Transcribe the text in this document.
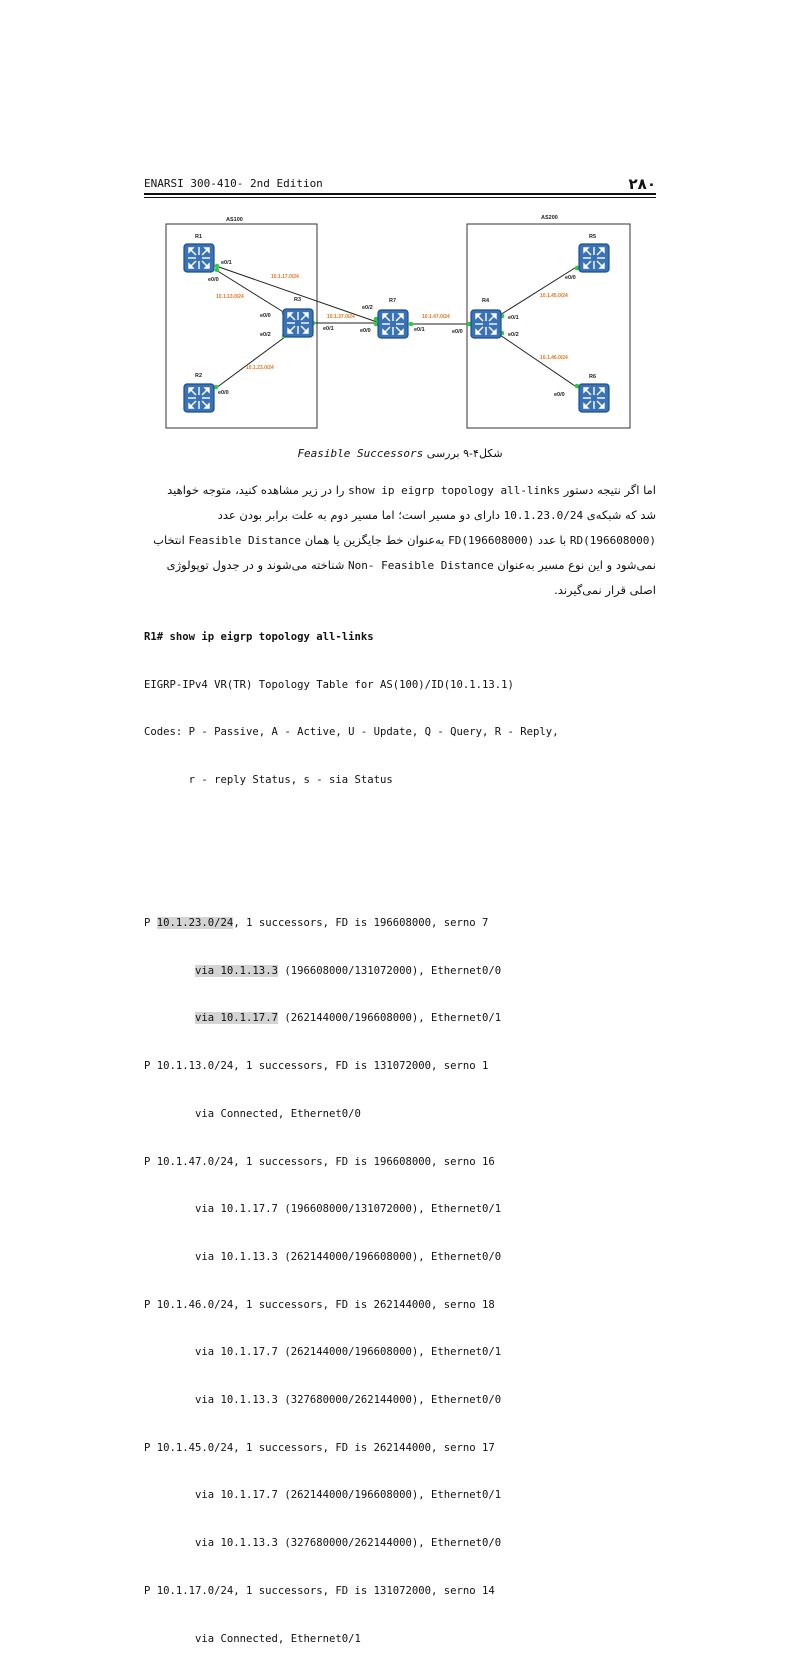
ENARSI 300-410- 2nd Edition	۲۸۰
AS100	AS200
R1
R2
R3	R7	R4
R5
R6
e0/1
e0/0
e0/0
e0/0
e0/2
e0/1
e0/2
e0/0	e0/1	e0/0
e0/1
e0/2
e0/0
e0/0
10.1.17.0/24
10.1.13.0/24
10.1.37.0/24
10.1.23.0/24
10.1.47.0/24
10.1.45.0/24
10.1.46.0/24
شکل۴-۹ بررسی Feasible Successors
اما اگر نتیجه دستور show ip eigrp topology all-links را در زیر مشاهده کنید، متوجه خواهید
شد که شبکه‌ی 10.1.23.0/24 دارای دو مسیر است؛ اما مسیر دوم به علت برابر بودن عدد
RD(196608000) با عدد FD(196608000) به‌عنوان خط جایگزین یا همان Feasible Distance انتخاب
نمی‌شود و این نوع مسیر به‌عنوان Non- Feasible Distance شناخته می‌شوند و در جدول توپولوژی
اصلی قرار نمی‌گیرند.

R1# show ip eigrp topology all-links

EIGRP-IPv4 VR(TR) Topology Table for AS(100)/ID(10.1.13.1)

Codes: P - Passive, A - Active, U - Update, Q - Query, R - Reply,

r - reply Status, s - sia Status

P 10.1.23.0/24, 1 successors, FD is 196608000, serno 7

via 10.1.13.3 (196608000/131072000), Ethernet0/0

via 10.1.17.7 (262144000/196608000), Ethernet0/1

P 10.1.13.0/24, 1 successors, FD is 131072000, serno 1

via Connected, Ethernet0/0

P 10.1.47.0/24, 1 successors, FD is 196608000, serno 16

via 10.1.17.7 (196608000/131072000), Ethernet0/1

via 10.1.13.3 (262144000/196608000), Ethernet0/0

P 10.1.46.0/24, 1 successors, FD is 262144000, serno 18

via 10.1.17.7 (262144000/196608000), Ethernet0/1

via 10.1.13.3 (327680000/262144000), Ethernet0/0

P 10.1.45.0/24, 1 successors, FD is 262144000, serno 17

via 10.1.17.7 (262144000/196608000), Ethernet0/1

via 10.1.13.3 (327680000/262144000), Ethernet0/0

P 10.1.17.0/24, 1 successors, FD is 131072000, serno 14

via Connected, Ethernet0/1
